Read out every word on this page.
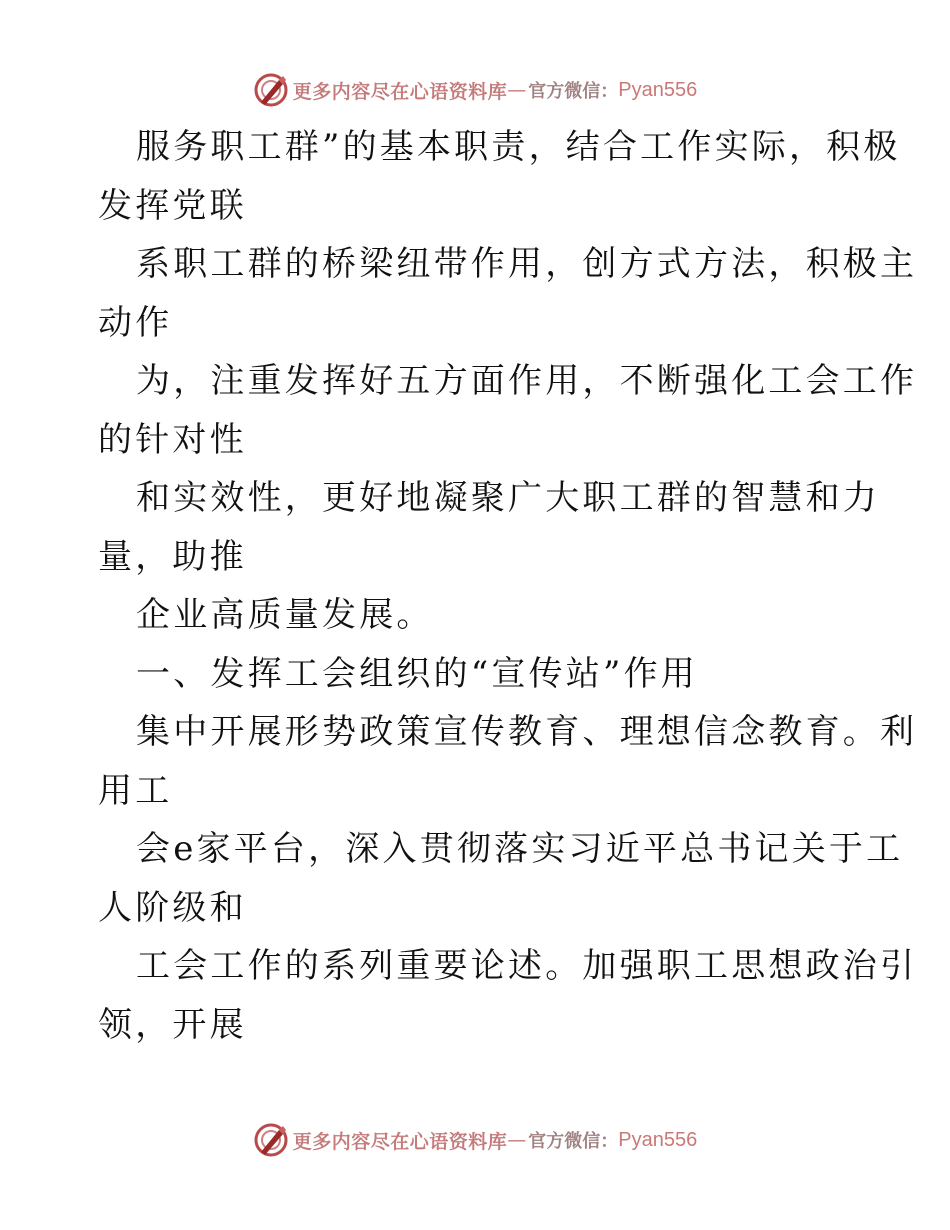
更多内容尽在心语资料库 — 官方微信： Pyan556
服务职工群”的基本职责，结合工作实际，积极
发挥党联
系职工群的桥梁纽带作用，创方式方法，积极主
动作
为，注重发挥好五方面作用，不断强化工会工作
的针对性
和实效性，更好地凝聚广大职工群的智慧和力
量，助推
企业高质量发展。
一、发挥工会组织的“宣传站”作用
集中开展形势政策宣传教育、理想信念教育。利
用工
会e家平台，深入贯彻落实习近平总书记关于工
人阶级和
工会工作的系列重要论述。加强职工思想政治引
领，开展
更多内容尽在心语资料库 — 官方微信： Pyan556
